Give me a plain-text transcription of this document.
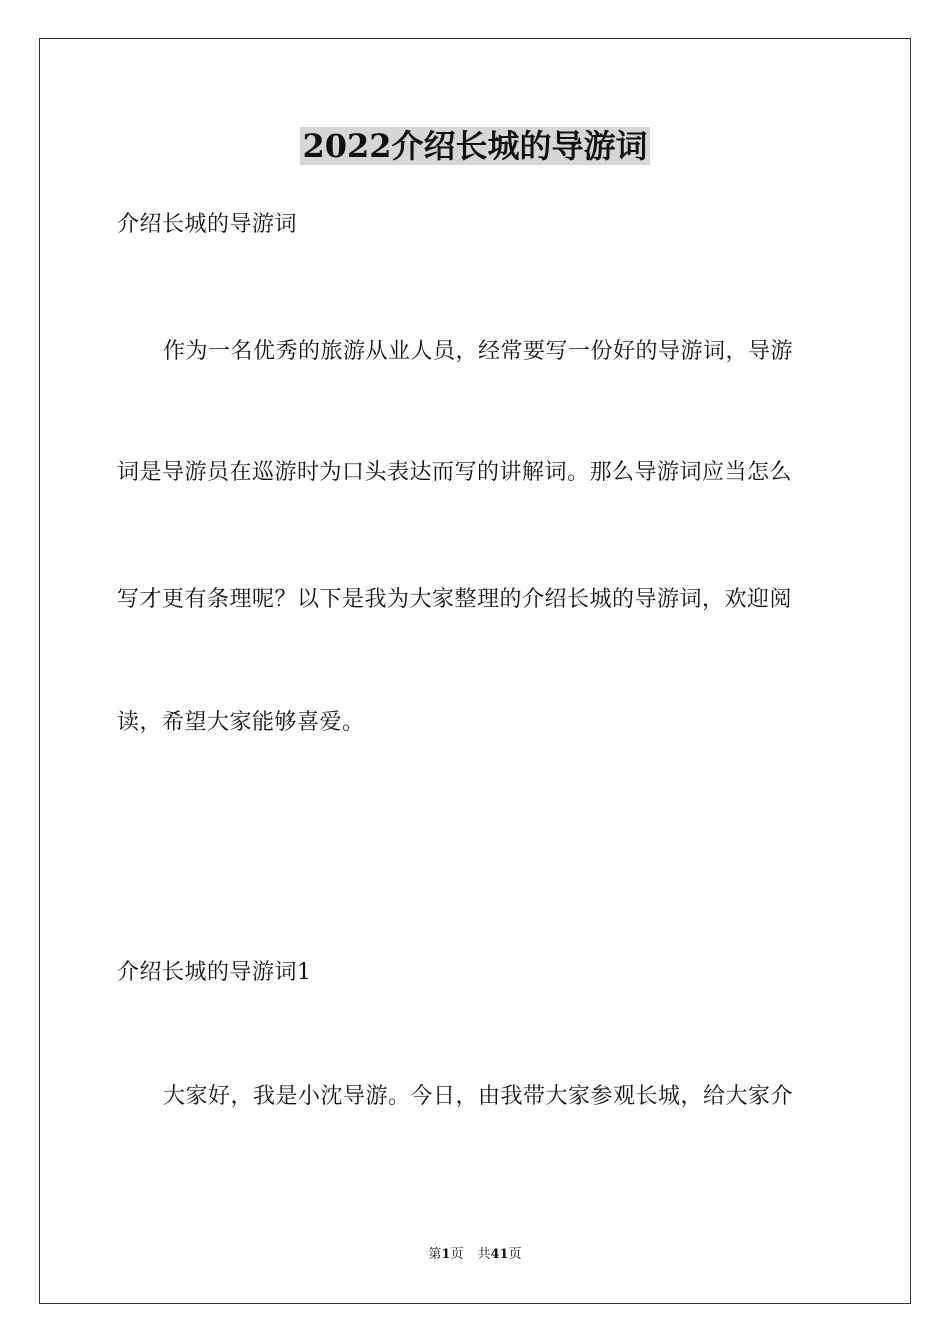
2022介绍长城的导游词
介绍长城的导游词
作为一名优秀的旅游从业人员，经常要写一份好的导游词，导游
词是导游员在巡游时为口头表达而写的讲解词。那么导游词应当怎么
写才更有条理呢？以下是我为大家整理的介绍长城的导游词，欢迎阅
读，希望大家能够喜爱。
介绍长城的导游词1
大家好，我是小沈导游。今日，由我带大家参观长城，给大家介
第1页 共41页
